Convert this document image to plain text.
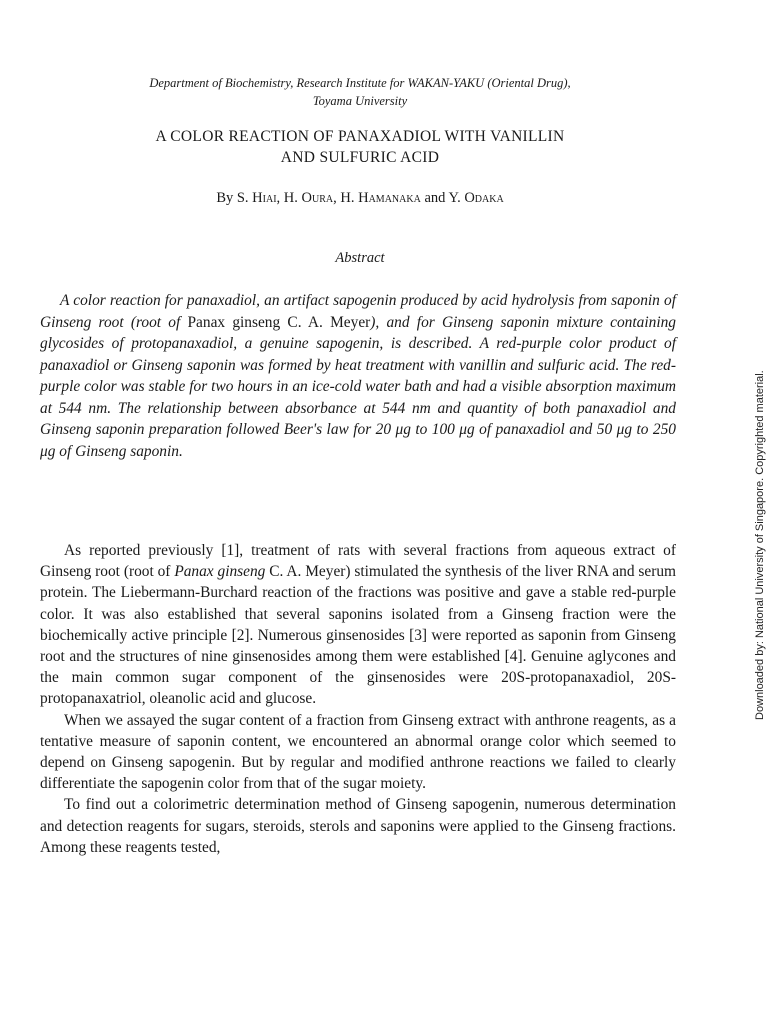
Department of Biochemistry, Research Institute for WAKAN-YAKU (Oriental Drug),
Toyama University
A COLOR REACTION OF PANAXADIOL WITH VANILLIN
AND SULFURIC ACID
By S. Hiai, H. Oura, H. Hamanaka and Y. Odaka
Abstract

A color reaction for panaxadiol, an artifact sapogenin produced by acid hydrolysis from saponin of Ginseng root (root of Panax ginseng C. A. Meyer), and for Ginseng saponin mixture containing glycosides of protopanaxadiol, a genuine sapogenin, is described. A red-purple color product of panaxadiol or Ginseng saponin was formed by heat treatment with vanillin and sulfuric acid. The red-purple color was stable for two hours in an ice-cold water bath and had a visible absorption maximum at 544 nm. The relationship between absorbance at 544 nm and quantity of both panaxadiol and Ginseng saponin preparation followed Beer's law for 20 μg to 100 μg of panaxadiol and 50 μg to 250 μg of Ginseng saponin.

As reported previously [1], treatment of rats with several fractions from aqueous extract of Ginseng root (root of Panax ginseng C. A. Meyer) stimulated the synthesis of the liver RNA and serum protein. The Liebermann-Burchard reaction of the fractions was positive and gave a stable red-purple color. It was also established that several saponins isolated from a Ginseng fraction were the biochemically active principle [2]. Numerous ginsenosides [3] were reported as saponin from Ginseng root and the structures of nine ginsenosides among them were established [4]. Genuine aglycones and the main common sugar component of the ginsenosides were 20S-protopanaxadiol, 20S-protopanaxatriol, oleanolic acid and glucose.

When we assayed the sugar content of a fraction from Ginseng extract with anthrone reagents, as a tentative measure of saponin content, we encountered an abnormal orange color which seemed to depend on Ginseng sapogenin. But by regular and modified anthrone reactions we failed to clearly differentiate the sapogenin color from that of the sugar moiety.

To find out a colorimetric determination method of Ginseng sapogenin, numerous determination and detection reagents for sugars, steroids, sterols and saponins were applied to the Ginseng fractions. Among these reagents tested,

Downloaded by: National University of Singapore. Copyrighted material.
